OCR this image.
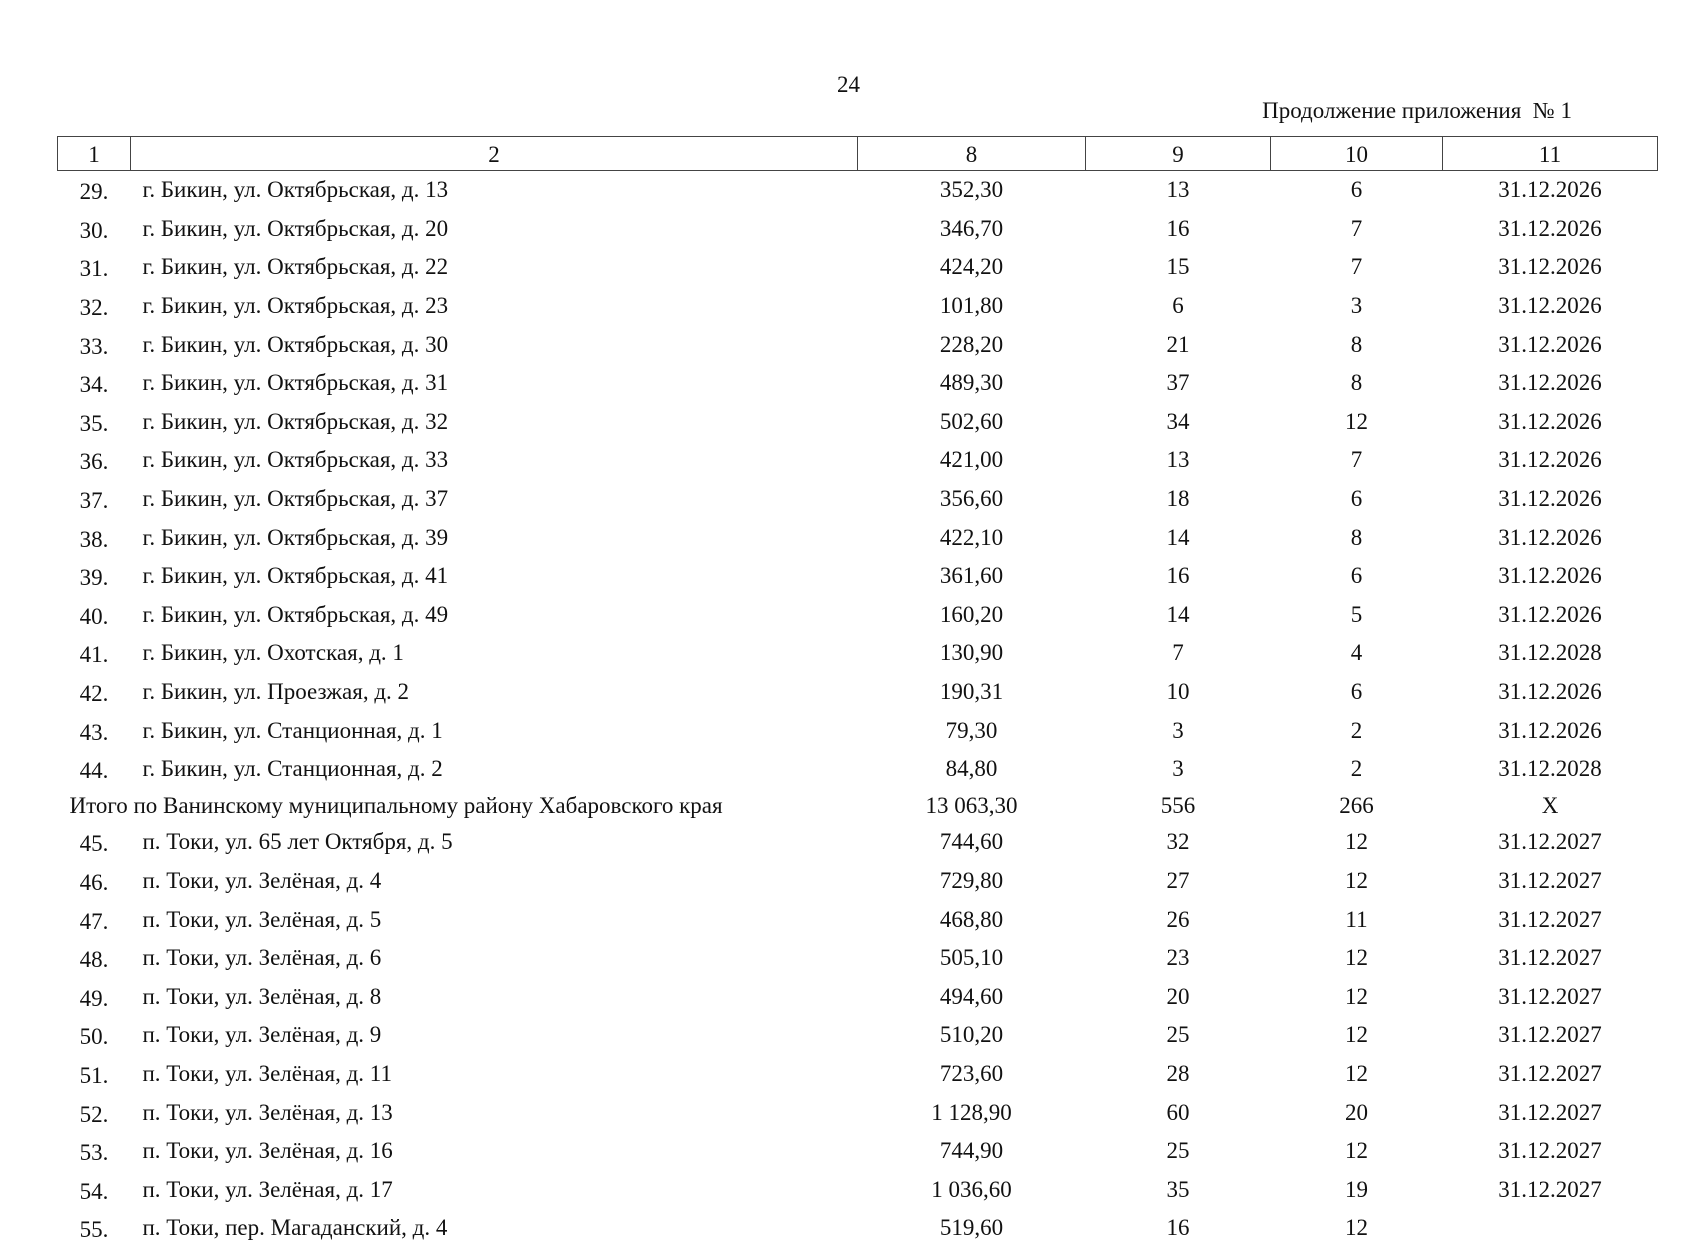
24
Продолжение приложения  № 1
1	2	8	9	10	11
29.	г. Бикин, ул. Октябрьская, д. 13	352,30	13	6	31.12.2026
30.	г. Бикин, ул. Октябрьская, д. 20	346,70	16	7	31.12.2026
31.	г. Бикин, ул. Октябрьская, д. 22	424,20	15	7	31.12.2026
32.	г. Бикин, ул. Октябрьская, д. 23	101,80	6	3	31.12.2026
33.	г. Бикин, ул. Октябрьская, д. 30	228,20	21	8	31.12.2026
34.	г. Бикин, ул. Октябрьская, д. 31	489,30	37	8	31.12.2026
35.	г. Бикин, ул. Октябрьская, д. 32	502,60	34	12	31.12.2026
36.	г. Бикин, ул. Октябрьская, д. 33	421,00	13	7	31.12.2026
37.	г. Бикин, ул. Октябрьская, д. 37	356,60	18	6	31.12.2026
38.	г. Бикин, ул. Октябрьская, д. 39	422,10	14	8	31.12.2026
39.	г. Бикин, ул. Октябрьская, д. 41	361,60	16	6	31.12.2026
40.	г. Бикин, ул. Октябрьская, д. 49	160,20	14	5	31.12.2026
41.	г. Бикин, ул. Охотская, д. 1	130,90	7	4	31.12.2028
42.	г. Бикин, ул. Проезжая, д. 2	190,31	10	6	31.12.2026
43.	г. Бикин, ул. Станционная, д. 1	79,30	3	2	31.12.2026
44.	г. Бикин, ул. Станционная, д. 2	84,80	3	2	31.12.2028
Итого по Ванинскому муниципальному району Хабаровского края		13 063,30	556	266	X
45.	п. Токи, ул. 65 лет Октября, д. 5	744,60	32	12	31.12.2027
46.	п. Токи, ул. Зелёная, д. 4	729,80	27	12	31.12.2027
47.	п. Токи, ул. Зелёная, д. 5	468,80	26	11	31.12.2027
48.	п. Токи, ул. Зелёная, д. 6	505,10	23	12	31.12.2027
49.	п. Токи, ул. Зелёная, д. 8	494,60	20	12	31.12.2027
50.	п. Токи, ул. Зелёная, д. 9	510,20	25	12	31.12.2027
51.	п. Токи, ул. Зелёная, д. 11	723,60	28	12	31.12.2027
52.	п. Токи, ул. Зелёная, д. 13	1 128,90	60	20	31.12.2027
53.	п. Токи, ул. Зелёная, д. 16	744,90	25	12	31.12.2027
54.	п. Токи, ул. Зелёная, д. 17	1 036,60	35	19	31.12.2027
55.	п. Токи, пер. Магаданский, д. 4	519,60	16	12	
